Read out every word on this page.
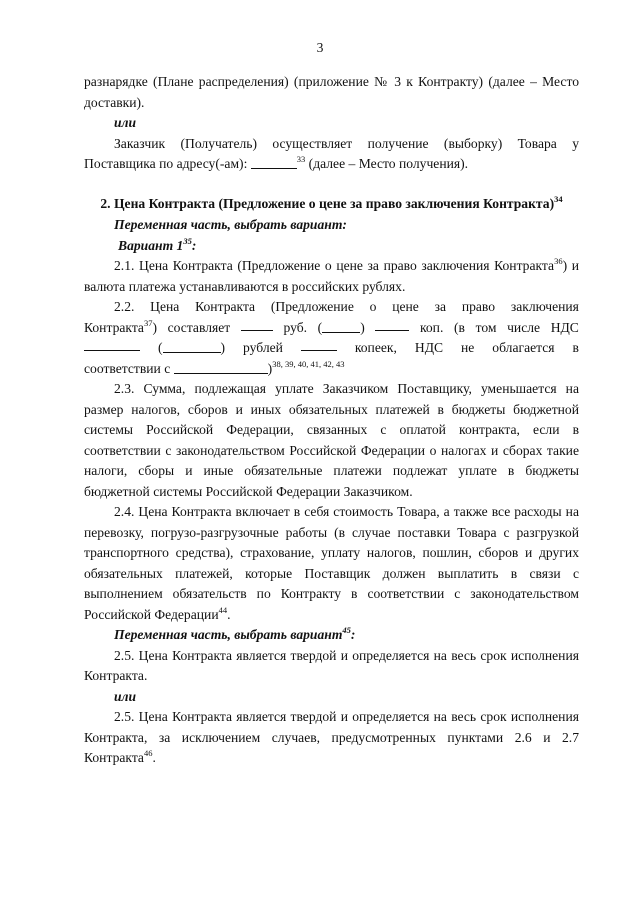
3

разнарядке (Плане распределения) (приложение № 3 к Контракту) (далее – Место доставки).

или

Заказчик (Получатель) осуществляет получение (выборку) Товара у Поставщика по адресу(-ам):	$^{33}$ (далее – Место получения).

2. Цена Контракта (Предложение о цене за право заключения Контракта)$^{34}$

Переменная часть, выбрать вариант:

Вариант $1^{35}$:

2.1. Цена Контракта (Предложение о цене за право заключения Контракта$^{36}$) и валюта платежа устанавливаются в российских рублях.

2.2. Цена Контракта (Предложение о цене за право заключения
Контракта$^{37}$) составляет	руб. (	)	коп. (в том числе НДС
(	) рублей	копеек, НДС не облагается в
соответствии с	)$^{38, 39, 40, 41, 42, 43}$

2.3. Сумма, подлежащая уплате Заказчиком Поставщику, уменьшается на размер налогов, сборов и иных обязательных платежей в бюджеты бюджетной системы Российской Федерации, связанных с оплатой контракта, если в соответствии с законодательством Российской Федерации о налогах и сборах такие налоги, сборы и иные обязательные платежи подлежат уплате в бюджеты бюджетной системы Российской Федерации Заказчиком.

2.4. Цена Контракта включает в себя стоимость Товара, а также все расходы на перевозку, погрузо-разгрузочные работы (в случае поставки Товара с разгрузкой транспортного средства), страхование, уплату налогов, пошлин, сборов и других обязательных платежей, которые Поставщик должен выплатить в связи с выполнением обязательств по Контракту в соответствии с законодательством Российской Федерации$^{44}$.

Переменная часть, выбрать вариант$^{45}$:

2.5. Цена Контракта является твердой и определяется на весь срок исполнения Контракта.

или

2.5. Цена Контракта является твердой и определяется на весь срок исполнения Контракта, за исключением случаев, предусмотренных пунктами 2.6 и 2.7 Контракта$^{46}$.
